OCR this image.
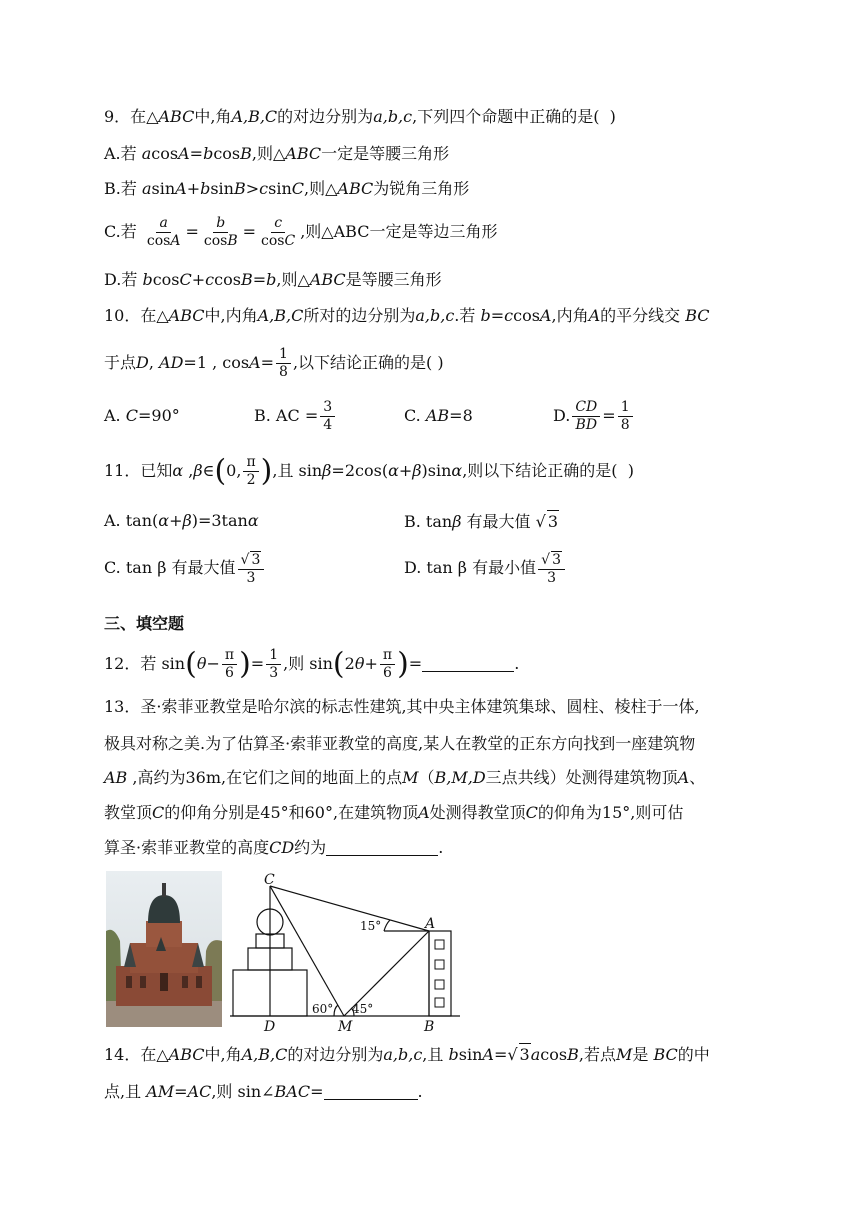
9．在△ABC中,角A,B,C的对边分别为a,b,c,下列四个命题中正确的是(  )
A.若 acosA=bcosB,则△ABC一定是等腰三角形
B.若 asinA+bsinB>csinC,则△ABC为锐角三角形
C.若 $\frac{a}{\cos A} = \frac{b}{\cos B} = \frac{c}{\cos C}$ ,则△ABC一定是等边三角形
D.若 bcosC+ccosB=b,则△ABC是等腰三角形
10．在△ABC中,内角A,B,C所对的边分别为a,b,c.若 b=ccosA,内角A的平分线交 BC
于点D, AD=1 , $\cos A= \frac{1}{8}$ ,以下结论正确的是( )
A. C=90°	B. AC = $\frac{3}{4}$	C. AB=8	D. $\frac{CD}{BD} = \frac{1}{8}$
11．已知α ,β∈(0, $\frac{\pi}{2}$ ),且 sinβ=2cos(α+β)sinα,则以下结论正确的是(  )
A. tan(α+β)=3tanα	B. tanβ 有最大值 √ 3
C. tan β 有最大值 $\frac{√ 3}{3}$	D. tan β 有最小值 $\frac{√ 3}{3}$
三、填空题
12．若 $\sin(\theta- \frac{\pi}{6}$ )= $\frac{1}{3}$ ,则 $\sin(2\theta+ \frac{\pi}{6}$ )=	.
13．圣·索菲亚教堂是哈尔滨的标志性建筑,其中央主体建筑集球、圆柱、棱柱于一体,
极具对称之美.为了估算圣·索菲亚教堂的高度,某人在教堂的正东方向找到一座建筑物
AB ,高约为36m,在它们之间的地面上的点M（B,M,D三点共线）处测得建筑物顶A、
教堂顶C的仰角分别是45°和60°,在建筑物顶A处测得教堂顶C的仰角为15°,则可估
算圣·索菲亚教堂的高度CD约为	.
C
A
D	M	B
15°
60° 45°
14．在△ABC中,角A,B,C的对边分别为a,b,c,且 bsinA=√ 3acosB,若点M是 BC的中
点,且 AM=AC,则 sin∠BAC=	.
